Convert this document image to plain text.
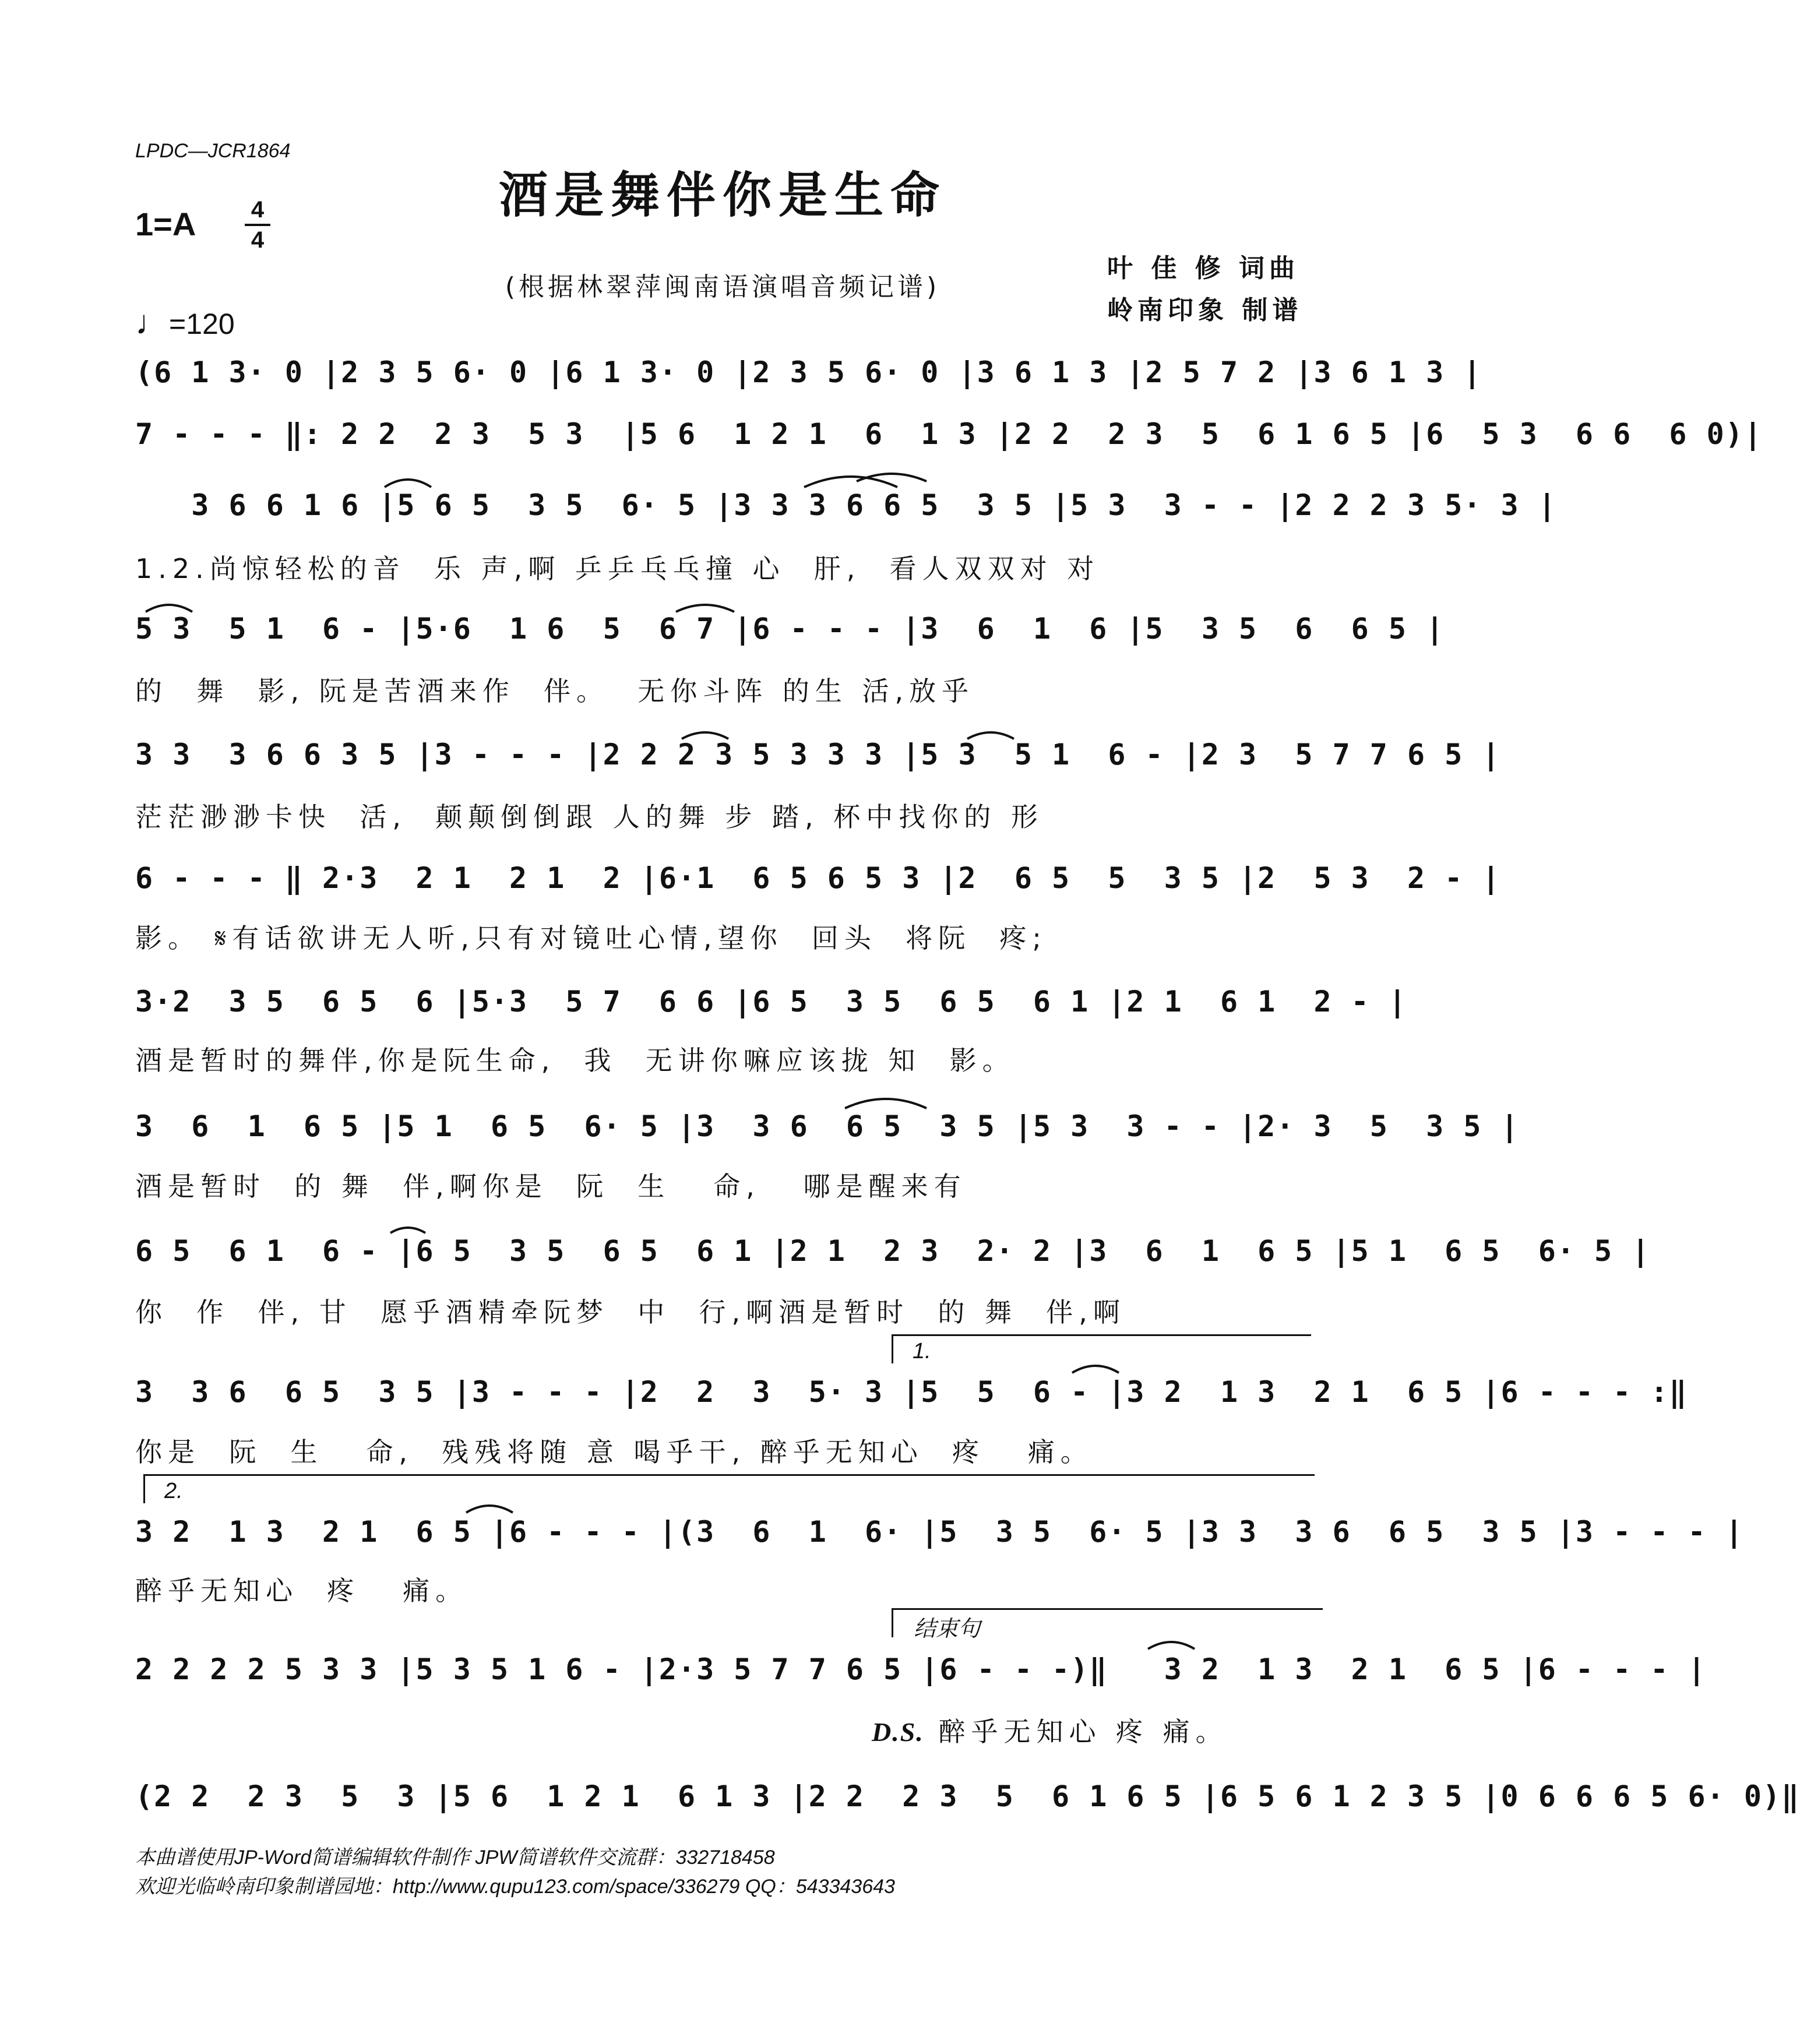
LPDC—JCR1864
酒是舞伴你是生命
1=A 4
4
(根据林翠萍闽南语演唱音频记谱)
叶 佳 修 词曲
岭南印象 制谱
♩=120
(6 1 3· 0 |2 3 5 6· 0 |6 1 3· 0 |2 3 5 6· 0 |3 6 1 3 |2 5 7 2 |3 6 1 3 |
7 - - - ‖: 2 2  2 3  5 3  |5 6  1 2 1  6  1 3 |2 2  2 3  5  6 1 6 5 |6  5 3  6 6  6 0)|
3 6 6 1 6 |5 6 5  3 5  6· 5 |3 3 3 6 6 5  3 5 |5 3  3 - - |2 2 2 3 5· 3 |
1.2.尚惊轻松的音  乐 声,啊 乒乒乓乓撞 心  肝,  看人双双对 对
5 3  5 1  6 - |5·6  1 6  5  6 7 |6 - - - |3  6  1  6 |5  3 5  6  6 5 |
的  舞  影, 阮是苦酒来作  伴。  无你斗阵 的生 活,放乎
3 3  3 6 6 3 5 |3 - - - |2 2 2 3 5 3 3 3 |5 3  5 1  6 - |2 3  5 7 7 6 5 |
茫茫渺渺卡快  活,  颠颠倒倒跟 人的舞 步 踏, 杯中找你的 形
6 - - - ‖ 2·3  2 1  2 1  2 |6·1  6 5 6 5 3 |2  6 5  5  3 5 |2  5 3  2 - |
影。 𝄋有话欲讲无人听,只有对镜吐心情,望你  回头  将阮  疼;
3·2  3 5  6 5  6 |5·3  5 7  6 6 |6 5  3 5  6 5  6 1 |2 1  6 1  2 - |
酒是暂时的舞伴,你是阮生命,  我  无讲你嘛应该拢 知  影。
3  6  1  6 5 |5 1  6 5  6· 5 |3  3 6  6 5  3 5 |5 3  3 - - |2· 3  5  3 5 |
酒是暂时  的 舞  伴,啊你是  阮  生   命,   哪是醒来有
6 5  6 1  6 - |6 5  3 5  6 5  6 1 |2 1  2 3  2· 2 |3  6  1  6 5 |5 1  6 5  6· 5 |
你  作  伴, 甘  愿乎酒精牵阮梦  中  行,啊酒是暂时  的 舞  伴,啊
1.
3  3 6  6 5  3 5 |3 - - - |2  2  3  5· 3 |5  5  6 - |3 2  1 3  2 1  6 5 |6 - - - :‖
你是  阮  生   命,  残残将随 意 喝乎干, 醉乎无知心  疼   痛。
2.
3 2  1 3  2 1  6 5 |6 - - - |(3  6  1  6· |5  3 5  6· 5 |3 3  3 6  6 5  3 5 |3 - - - |
醉乎无知心  疼   痛。
结束句
2 2 2 2 5 3 3 |5 3 5 1 6 - |2·3 5 7 7 6 5 |6 - - -)‖   3 2  1 3  2 1  6 5 |6 - - - |
D.S. 醉乎无知心 疼 痛。
(2 2  2 3  5  3 |5 6  1 2 1  6 1 3 |2 2  2 3  5  6 1 6 5 |6 5 6 1 2 3 5 |0 6 6 6 5 6· 0)‖
本曲谱使用JP-Word简谱编辑软件制作 JPW简谱软件交流群：332718458
欢迎光临岭南印象制谱园地：http://www.qupu123.com/space/336279 QQ：543343643
